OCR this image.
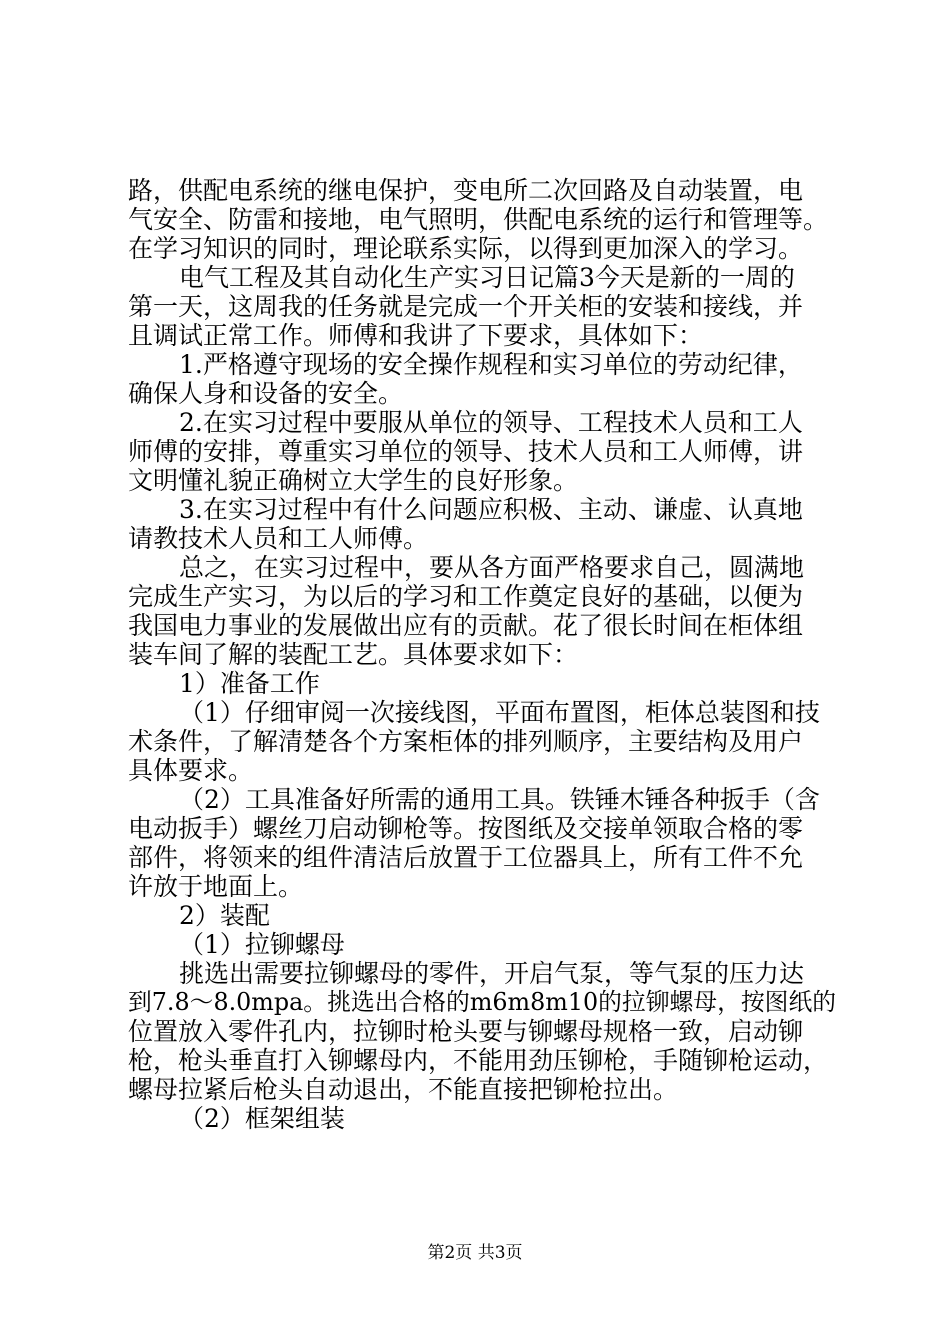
路，供配电系统的继电保护，变电所二次回路及自动装置，电
气安全、防雷和接地，电气照明，供配电系统的运行和管理等。
在学习知识的同时，理论联系实际，以得到更加深入的学习。
电气工程及其自动化生产实习日记篇3今天是新的一周的
第一天，这周我的任务就是完成一个开关柜的安装和接线，并
且调试正常工作。师傅和我讲了下要求，具体如下：
1.严格遵守现场的安全操作规程和实习单位的劳动纪律，
确保人身和设备的安全。
2.在实习过程中要服从单位的领导、工程技术人员和工人
师傅的安排，尊重实习单位的领导、技术人员和工人师傅，讲
文明懂礼貌正确树立大学生的良好形象。
3.在实习过程中有什么问题应积极、主动、谦虚、认真地
请教技术人员和工人师傅。
总之，在实习过程中，要从各方面严格要求自己，圆满地
完成生产实习，为以后的学习和工作奠定良好的基础，以便为
我国电力事业的发展做出应有的贡献。花了很长时间在柜体组
装车间了解的装配工艺。具体要求如下：
1）准备工作
（1）仔细审阅一次接线图，平面布置图，柜体总装图和技
术条件，了解清楚各个方案柜体的排列顺序，主要结构及用户
具体要求。
（2）工具准备好所需的通用工具。铁锤木锤各种扳手（含
电动扳手）螺丝刀启动铆枪等。按图纸及交接单领取合格的零
部件，将领来的组件清洁后放置于工位器具上，所有工件不允
许放于地面上。
2）装配
（1）拉铆螺母
挑选出需要拉铆螺母的零件，开启气泵，等气泵的压力达
到7.8～8.0mpa。挑选出合格的m6m8m10的拉铆螺母，按图纸的
位置放入零件孔内，拉铆时枪头要与铆螺母规格一致，启动铆
枪，枪头垂直打入铆螺母内，不能用劲压铆枪，手随铆枪运动，
螺母拉紧后枪头自动退出，不能直接把铆枪拉出。
（2）框架组装
第2页 共3页
